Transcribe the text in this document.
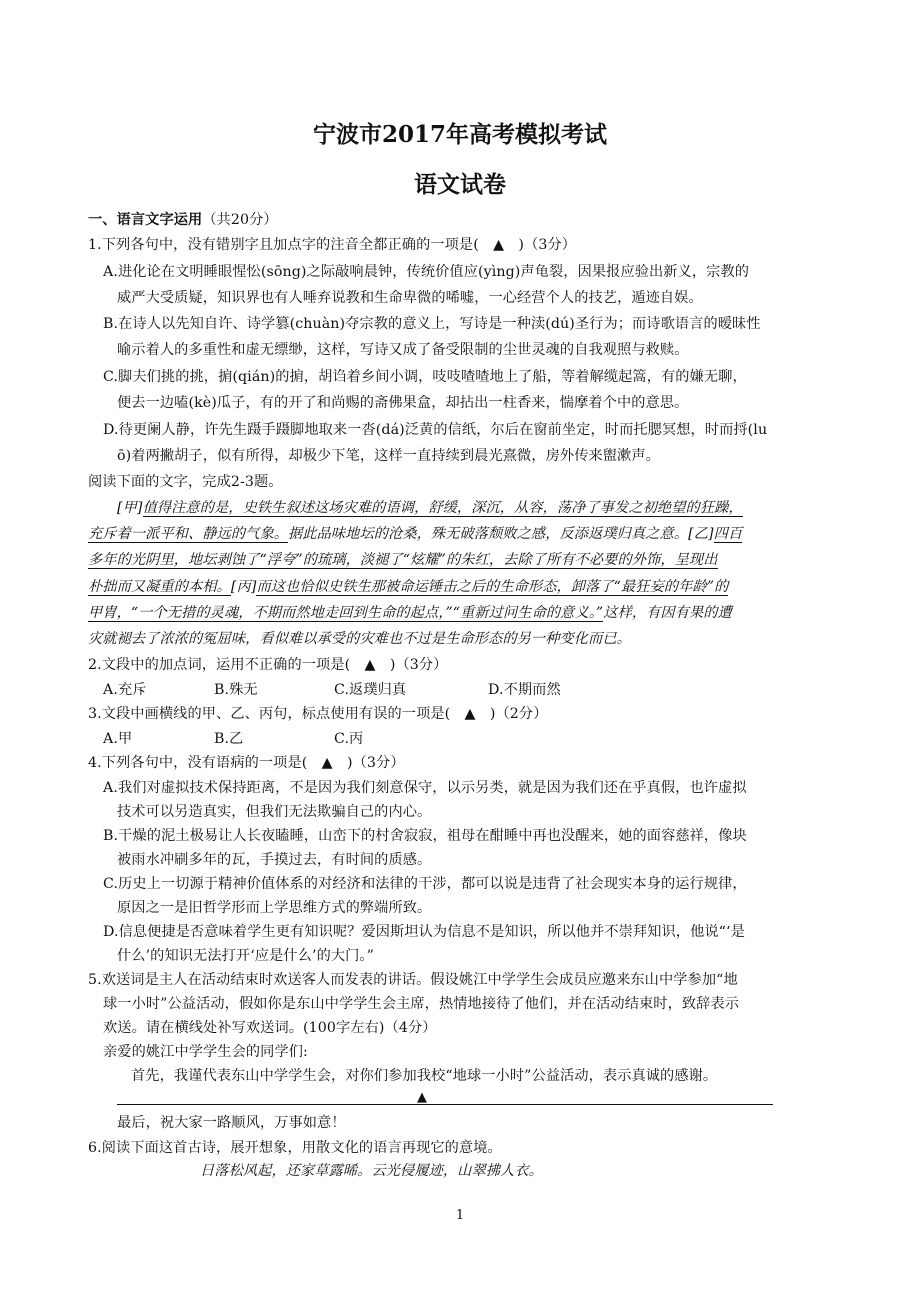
宁波市2017年高考模拟考试
语文试卷
一、语言文字运用（共20分）
1.下列各句中，没有错别字且加点字的注音全都正确的一项是(　▲　)（3分）
A.进化论在文明睡眼惺忪(sōng)之际敲响晨钟，传统价值应(yìng)声龟裂，因果报应验出新义，宗教的
威严大受质疑，知识界也有人唾弃说教和生命卑微的唏嘘，一心经营个人的技艺，遁迹自娱。
B.在诗人以先知自许、诗学篡(chuàn)夺宗教的意义上，写诗是一种渎(dú)圣行为；而诗歌语言的暧昧性
喻示着人的多重性和虚无缥缈，这样，写诗又成了备受限制的尘世灵魂的自我观照与救赎。
C.脚夫们挑的挑，掮(qián)的掮，胡诌着乡间小调，吱吱喳喳地上了船，等着解缆起篙，有的嫌无聊，
便去一边嗑(kè)瓜子，有的开了和尚赐的斋佛果盒，却拈出一柱香来，惴摩着个中的意思。
D.待更阑人静，许先生蹑手蹑脚地取来一沓(dá)泛黄的信纸，尔后在窗前坐定，时而托腮冥想，时而捋(lu
ō)着两撇胡子，似有所得，却极少下笔，这样一直持续到晨光熹微，房外传来盥漱声。
阅读下面的文字，完成2-3题。
[甲]值得注意的是，史铁生叙述这场灾难的语调，舒缓，深沉，从容，荡净了事发之初绝望的狂躁，
充斥着一派平和、静远的气象。据此品味地坛的沧桑，殊无破落颓败之感，反添返璞归真之意。[乙]四百
多年的光阴里，地坛剥蚀了“浮夸”的琉璃，淡褪了“炫耀”的朱红，去除了所有不必要的外饰，呈现出
朴拙而又凝重的本相。[丙]而这也恰似史铁生那被命运锤击之后的生命形态，卸落了“最狂妄的年龄”的
甲胄，“一个无措的灵魂，不期而然地走回到生命的起点，”“重新过问生命的意义。”这样，有因有果的遭
灾就褪去了浓浓的冤屈味，看似难以承受的灾难也不过是生命形态的另一种变化而已。
2.文段中的加点词，运用不正确的一项是(　▲　)（3分）
A.充斥	B.殊无	C.返璞归真	D.不期而然
3.文段中画横线的甲、乙、丙句，标点使用有误的一项是(　▲　)（2分）
A.甲	B.乙	C.丙
4.下列各句中，没有语病的一项是(　▲　)（3分）
A.我们对虚拟技术保持距离，不是因为我们刻意保守，以示另类，就是因为我们还在乎真假，也许虚拟
技术可以另造真实，但我们无法欺骗自己的内心。
B.干燥的泥土极易让人长夜瞌睡，山峦下的村舍寂寂，祖母在酣睡中再也没醒来，她的面容慈祥，像块
被雨水冲刷多年的瓦，手摸过去，有时间的质感。
C.历史上一切源于精神价值体系的对经济和法律的干涉，都可以说是违背了社会现实本身的运行规律，
原因之一是旧哲学形而上学思维方式的弊端所致。
D.信息便捷是否意味着学生更有知识呢？爱因斯坦认为信息不是知识，所以他并不崇拜知识，他说“‘是
什么’的知识无法打开‘应是什么’的大门。”
5.欢送词是主人在活动结束时欢送客人而发表的讲话。假设姚江中学学生会成员应邀来东山中学参加“地
球一小时”公益活动，假如你是东山中学学生会主席，热情地接待了他们，并在活动结束时，致辞表示
欢送。请在横线处补写欢送词。(100字左右)（4分）
亲爱的姚江中学学生会的同学们:
首先，我谨代表东山中学学生会，对你们参加我校“地球一小时”公益活动，表示真诚的感谢。
▲
最后，祝大家一路顺风，万事如意！
6.阅读下面这首古诗，展开想象，用散文化的语言再现它的意境。
日落松风起，还家草露晞。云光侵履迹，山翠拂人衣。
1
